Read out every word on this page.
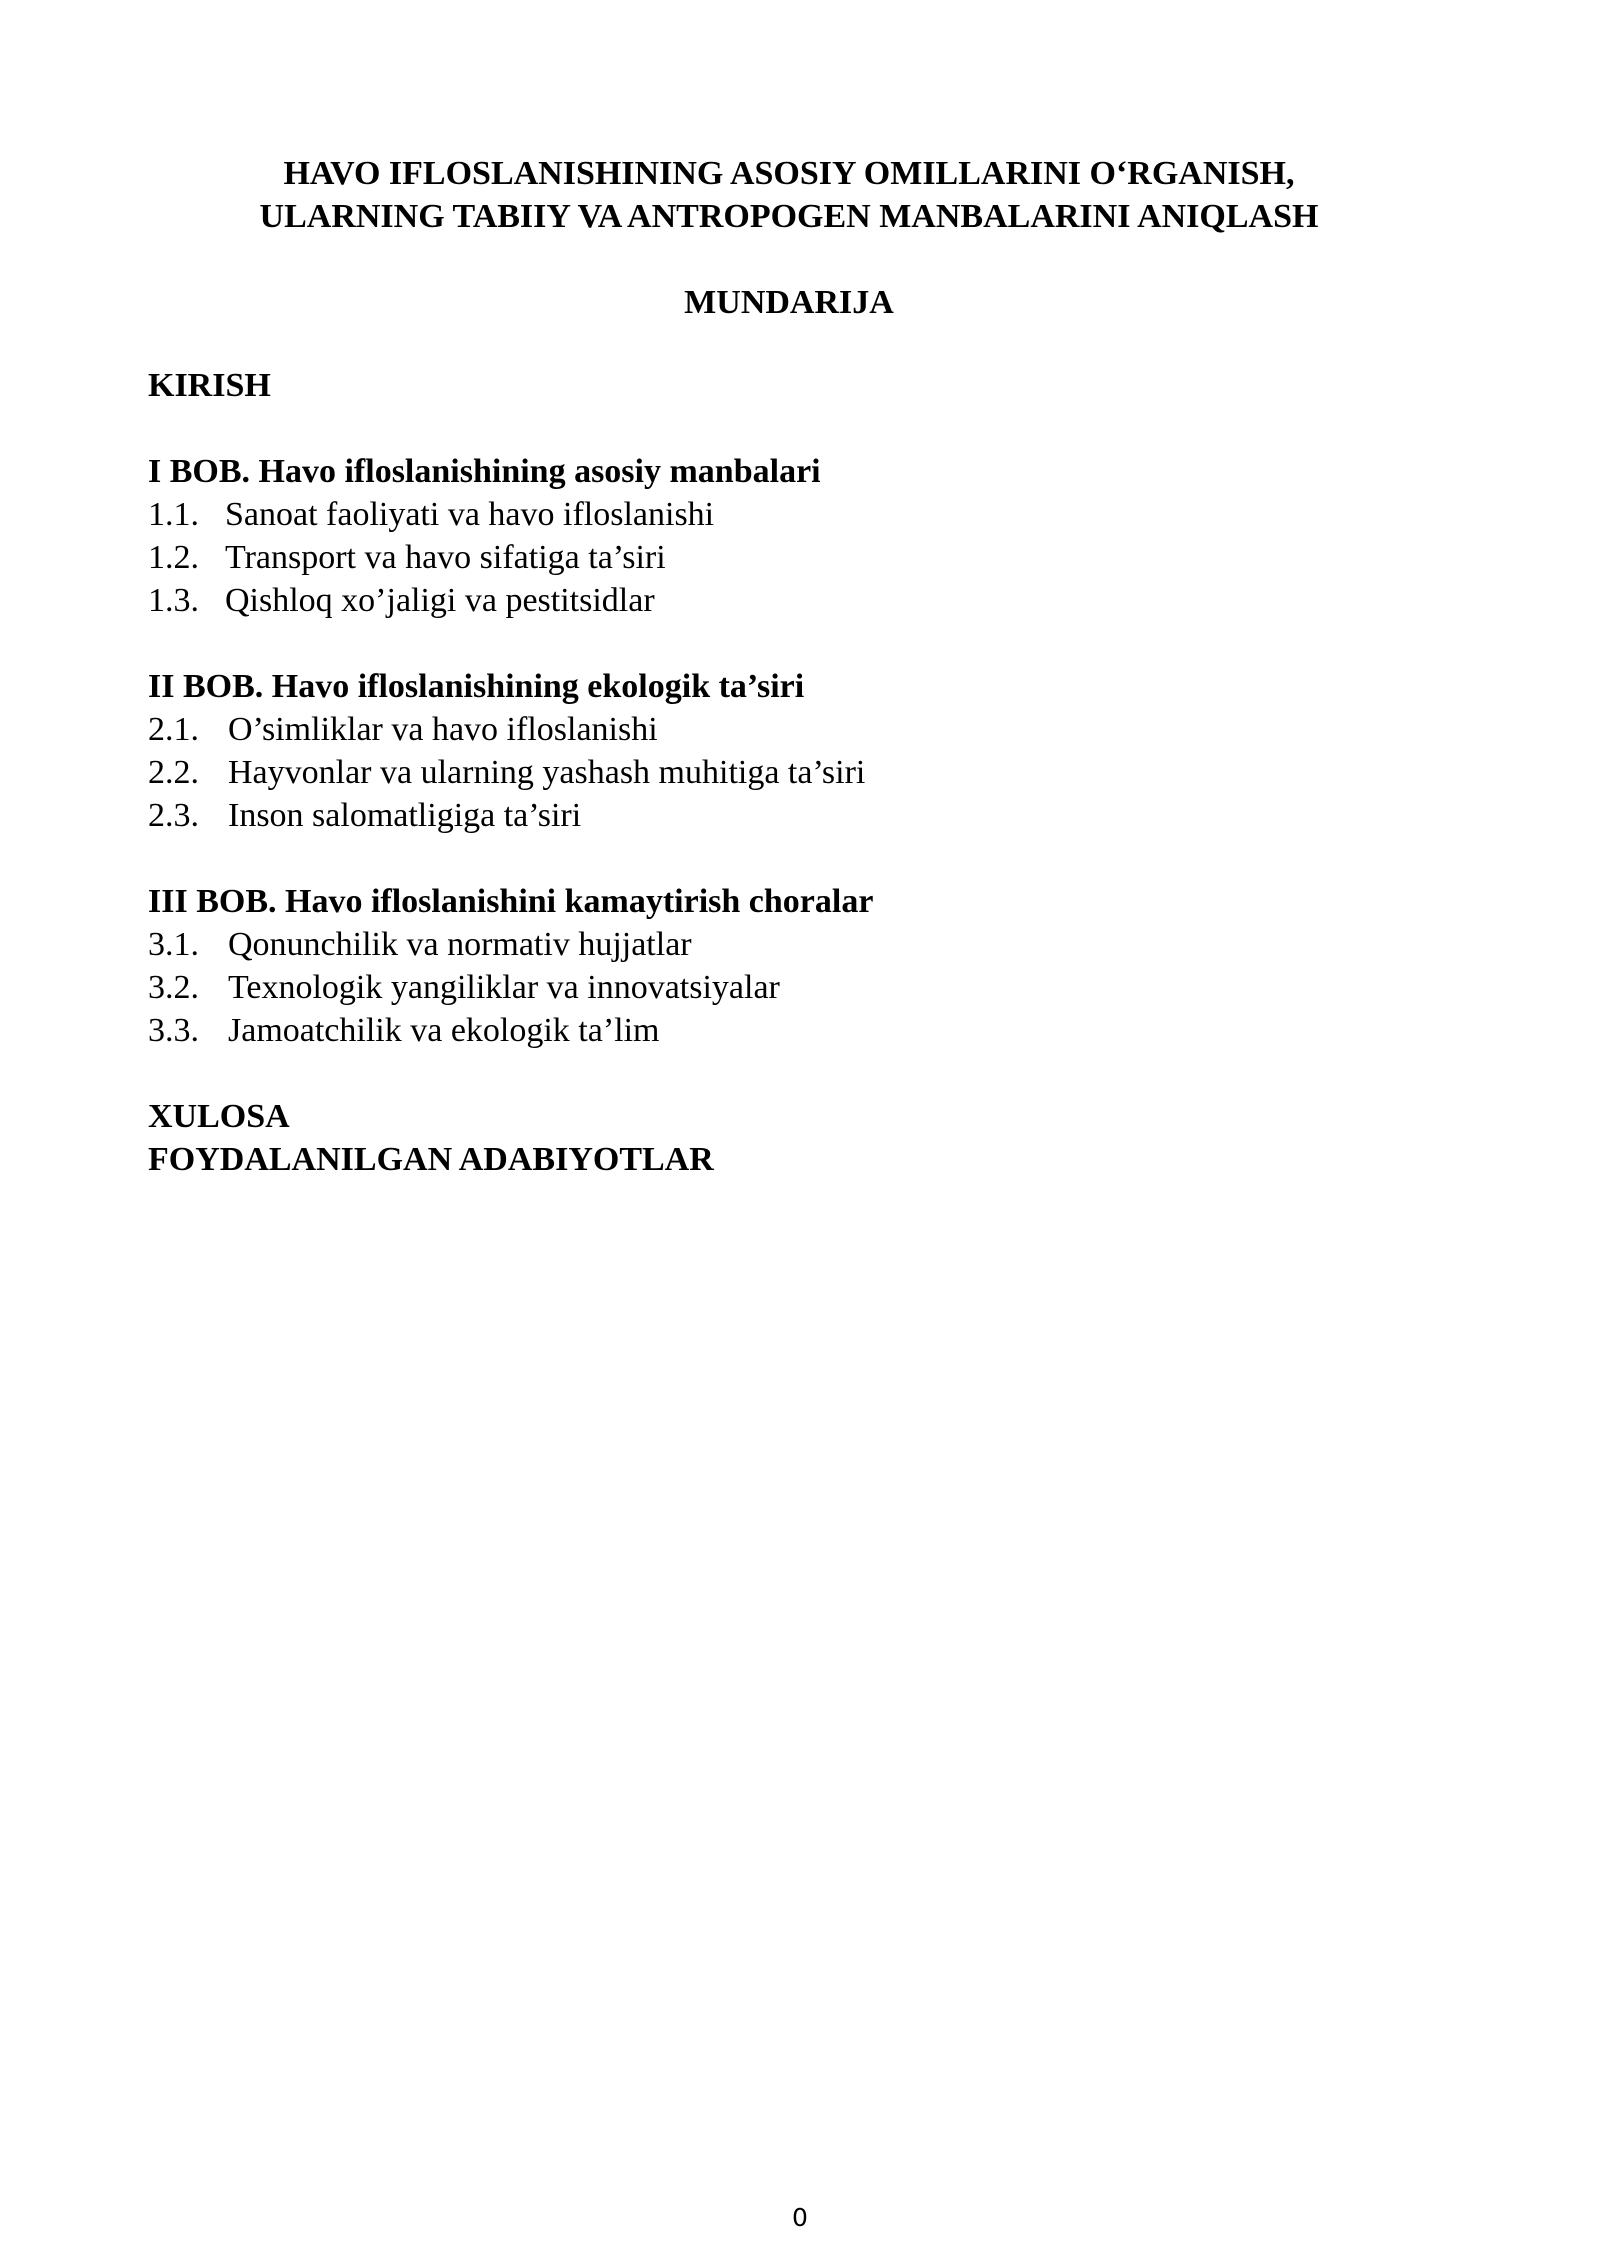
HAVO IFLOSLANISHINING ASOSIY OMILLARINI O‘RGANISH,
ULARNING TABIIY VA ANTROPOGEN MANBALARINI ANIQLASH
MUNDARIJA
KIRISH
I BOB. Havo ifloslanishining asosiy manbalari
1.1. Sanoat faoliyati va havo ifloslanishi
1.2. Transport va havo sifatiga ta’siri
1.3. Qishloq xo’jaligi va pestitsidlar
II BOB. Havo ifloslanishining ekologik ta’siri
2.1. O’simliklar va havo ifloslanishi
2.2. Hayvonlar va ularning yashash muhitiga ta’siri
2.3. Inson salomatligiga ta’siri
III BOB. Havo ifloslanishini kamaytirish choralar
3.1. Qonunchilik va normativ hujjatlar
3.2. Texnologik yangiliklar va innovatsiyalar
3.3. Jamoatchilik va ekologik ta’lim
XULOSA
FOYDALANILGAN ADABIYOTLAR
0
